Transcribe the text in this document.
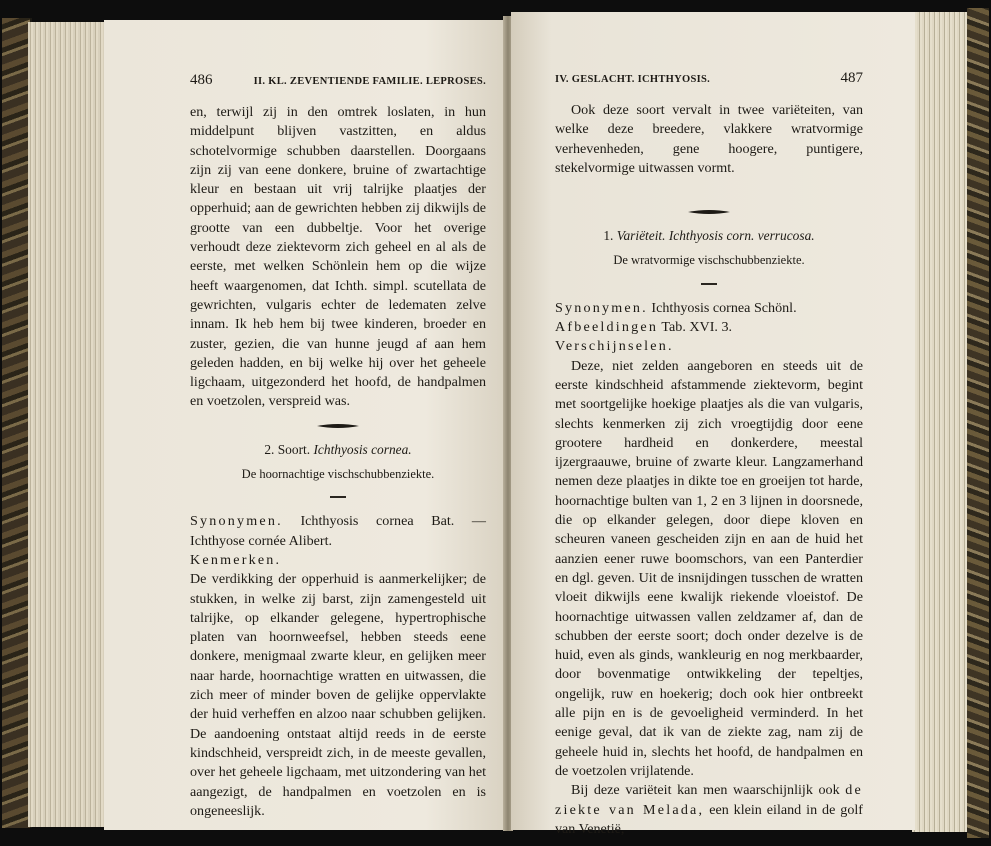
486	II. KL. ZEVENTIENDE FAMILIE. LEPROSES.

en, terwijl zij in den omtrek loslaten, in hun middelpunt blijven vastzitten, en aldus schotelvormige schubben daarstellen. Doorgaans zijn zij van eene donkere, bruine of zwartachtige kleur en bestaan uit vrij talrijke plaatjes der opperhuid; aan de gewrichten hebben zij dikwijls de grootte van een dubbeltje. Voor het overige verhoudt deze ziektevorm zich geheel en al als de eerste, met welken Schönlein hem op die wijze heeft waargenomen, dat Ichth. simpl. scutellata de gewrichten, vulgaris echter de ledematen zelve innam. Ik heb hem bij twee kinderen, broeder en zuster, gezien, die van hunne jeugd af aan hem geleden hadden, en bij welke hij over het geheele ligchaam, uitgezonderd het hoofd, de handpalmen en voetzolen, verspreid was.

2. Soort. Ichthyosis cornea.
De hoornachtige vischschubbenziekte.

Synonymen. Ichthyosis cornea Bat. — Ichthyose cornée Alibert.

Kenmerken.

De verdikking der opperhuid is aanmerkelijker; de stukken, in welke zij barst, zijn zamengesteld uit talrijke, op elkander gelegene, hypertrophische platen van hoornweefsel, hebben steeds eene donkere, menigmaal zwarte kleur, en gelijken meer naar harde, hoornachtige wratten en uitwassen, die zich meer of minder boven de gelijke oppervlakte der huid verheffen en alzoo naar schubben gelijken. De aandoening ontstaat altijd reeds in de eerste kindschheid, verspreidt zich, in de meeste gevallen, over het geheele ligchaam, met uitzondering van het aangezigt, de handpalmen en voetzolen en is ongeneeslijk.

IV. GESLACHT. ICHTHYOSIS.	487

Ook deze soort vervalt in twee variëteiten, van welke deze breedere, vlakkere wratvormige verhevenheden, gene hoogere, puntigere, stekelvormige uitwassen vormt.

1. Variëteit. Ichthyosis corn. verrucosa.
De wratvormige vischschubbenziekte.

Synonymen. Ichthyosis cornea Schönl.

Afbeeldingen Tab. XVI. 3.

Verschijnselen.

Deze, niet zelden aangeboren en steeds uit de eerste kindschheid afstammende ziektevorm, begint met soortgelijke hoekige plaatjes als die van vulgaris, slechts kenmerken zij zich vroegtijdig door eene grootere hardheid en donkerdere, meestal ijzergraauwe, bruine of zwarte kleur. Langzamerhand nemen deze plaatjes in dikte toe en groeijen tot harde, hoornachtige bulten van 1, 2 en 3 lijnen in doorsnede, die op elkander gelegen, door diepe kloven en scheuren vaneen gescheiden zijn en aan de huid het aanzien eener ruwe boomschors, van een Panterdier en dgl. geven. Uit de insnijdingen tusschen de wratten vloeit dikwijls eene kwalijk riekende vloeistof. De hoornachtige uitwassen vallen zeldzamer af, dan de schubben der eerste soort; doch onder dezelve is de huid, even als ginds, wankleurig en nog merkbaarder, door bovenmatige ontwikkeling der tepeltjes, ongelijk, ruw en hoekerig; doch ook hier ontbreekt alle pijn en is de gevoeligheid verminderd. In het eenige geval, dat ik van de ziekte zag, nam zij de geheele huid in, slechts het hoofd, de handpalmen en de voetzolen vrijlatende.

Bij deze variëteit kan men waarschijnlijk ook de ziekte van Melada, een klein eiland in de golf van Venetië,
